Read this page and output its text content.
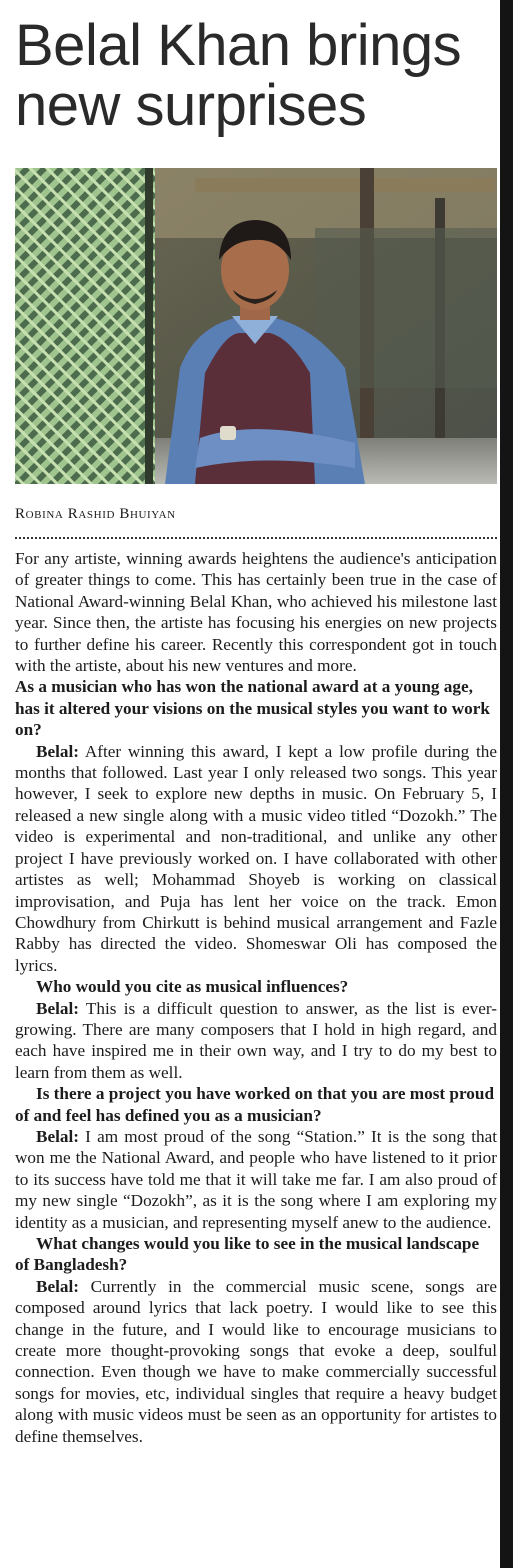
Belal Khan brings new surprises
Robina Rashid Bhuiyan

For any artiste, winning awards heightens the audience's anticipation of greater things to come. This has certainly been true in the case of National Award-winning Belal Khan, who achieved his milestone last year. Since then, the artiste has focusing his energies on new projects to further define his career. Recently this correspondent got in touch with the artiste, about his new ventures and more.

As a musician who has won the national award at a young age, has it altered your visions on the musical styles you want to work on?

Belal: After winning this award, I kept a low profile during the months that followed. Last year I only released two songs. This year however, I seek to explore new depths in music. On February 5, I released a new single along with a music video titled “Dozokh.” The video is experimental and non-traditional, and unlike any other project I have previously worked on. I have collaborated with other artistes as well; Mohammad Shoyeb is working on classical improvisation, and Puja has lent her voice on the track. Emon Chowdhury from Chirkutt is behind musical arrangement and Fazle Rabby has directed the video. Shomeswar Oli has composed the lyrics.

Who would you cite as musical influences?

Belal: This is a difficult question to answer, as the list is ever-growing. There are many composers that I hold in high regard, and each have inspired me in their own way, and I try to do my best to learn from them as well.

Is there a project you have worked on that you are most proud of and feel has defined you as a musician?

Belal: I am most proud of the song “Station.” It is the song that won me the National Award, and people who have listened to it prior to its success have told me that it will take me far. I am also proud of my new single “Dozokh”, as it is the song where I am exploring my identity as a musician, and representing myself anew to the audience.

What changes would you like to see in the musical landscape of Bangladesh?

Belal: Currently in the commercial music scene, songs are composed around lyrics that lack poetry. I would like to see this change in the future, and I would like to encourage musicians to create more thought-provoking songs that evoke a deep, soulful connection. Even though we have to make commercially successful songs for movies, etc, individual singles that require a heavy budget along with music videos must be seen as an opportunity for artistes to define themselves.
